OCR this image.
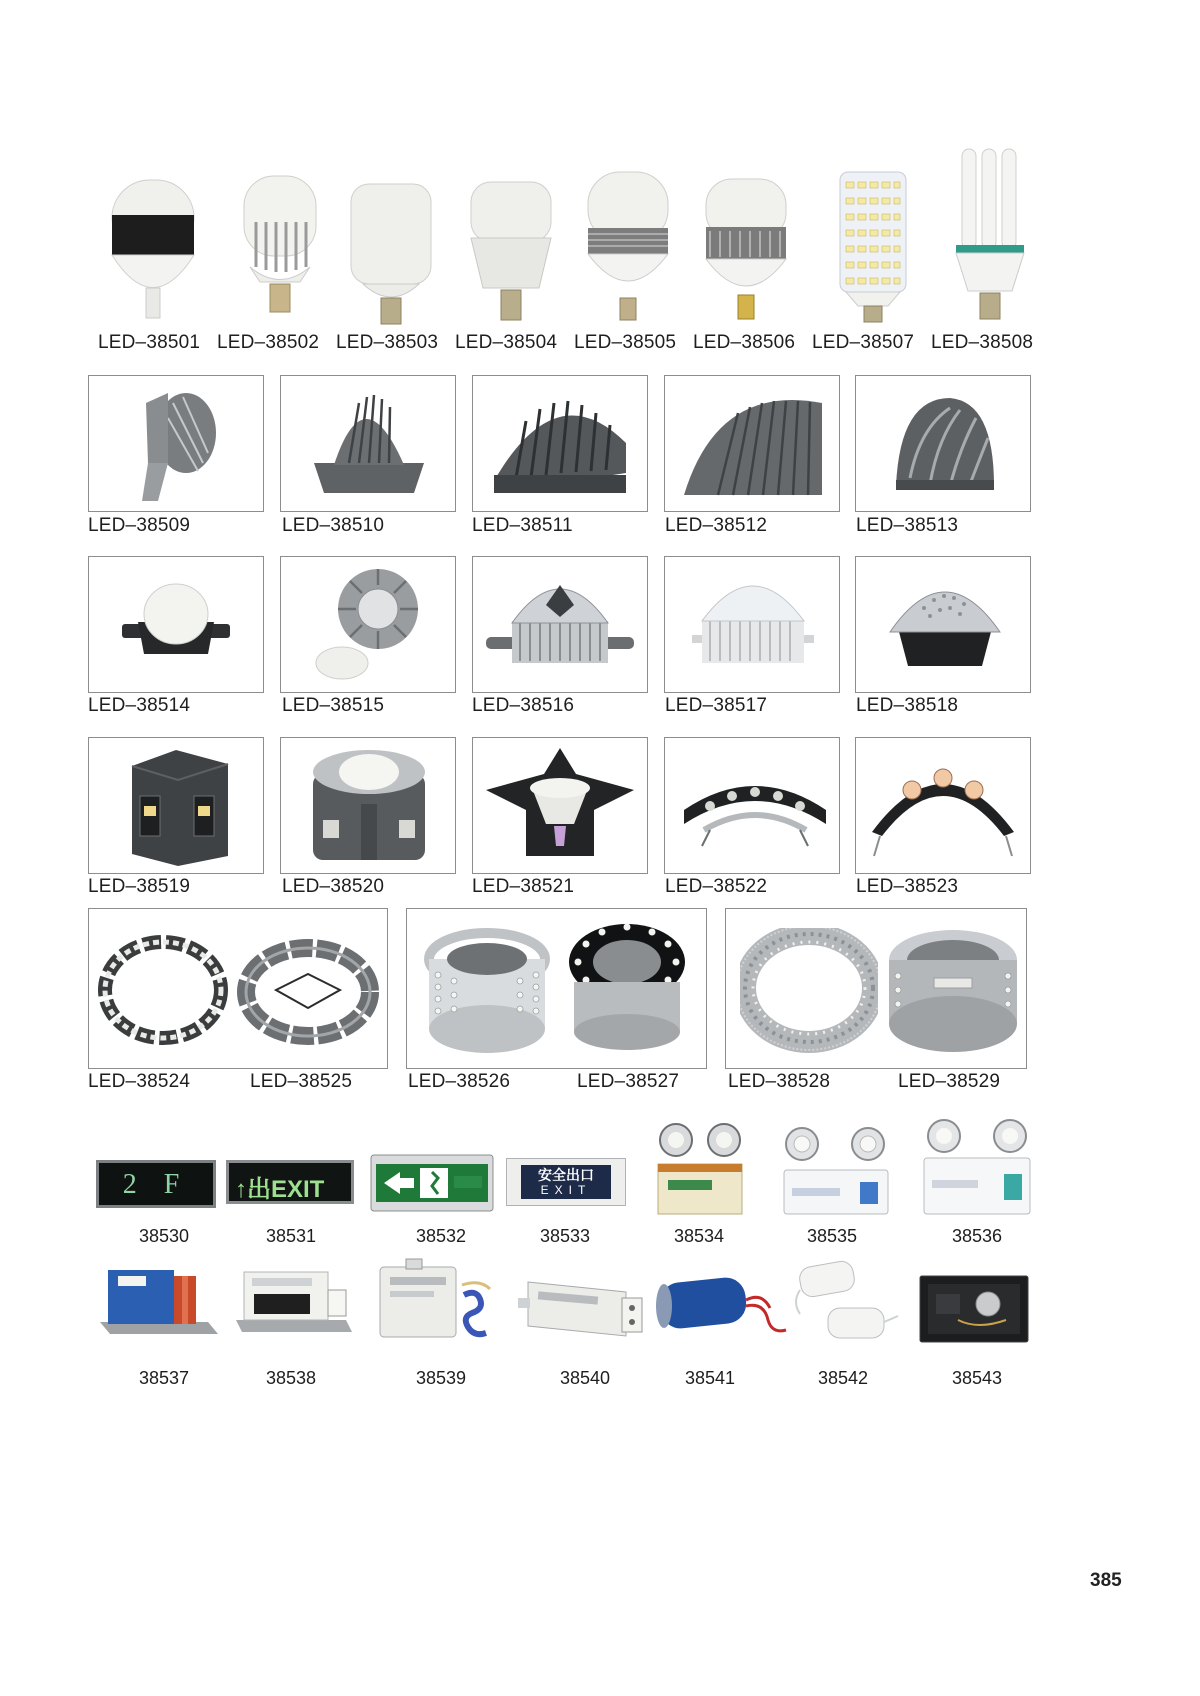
LED–38501 LED–38502 LED–38503 LED–38504 LED–38505 LED–38506 LED–38507 LED–38508
LED–38509	LED–38510	LED–38511	LED–38512	LED–38513
LED–38514	LED–38515	LED–38516	LED–38517	LED–38518
LED–38519	LED–38520	LED–38521	LED–38522	LED–38523
LED–38524	LED–38525	LED–38526	LED–38527	LED–38528	LED–38529
2 F	↑出EXIT	安全出口
EXIT
38530	38531	38532	38533	38534	38535	38536
38537	38538	38539	38540	38541	38542	38543
385
